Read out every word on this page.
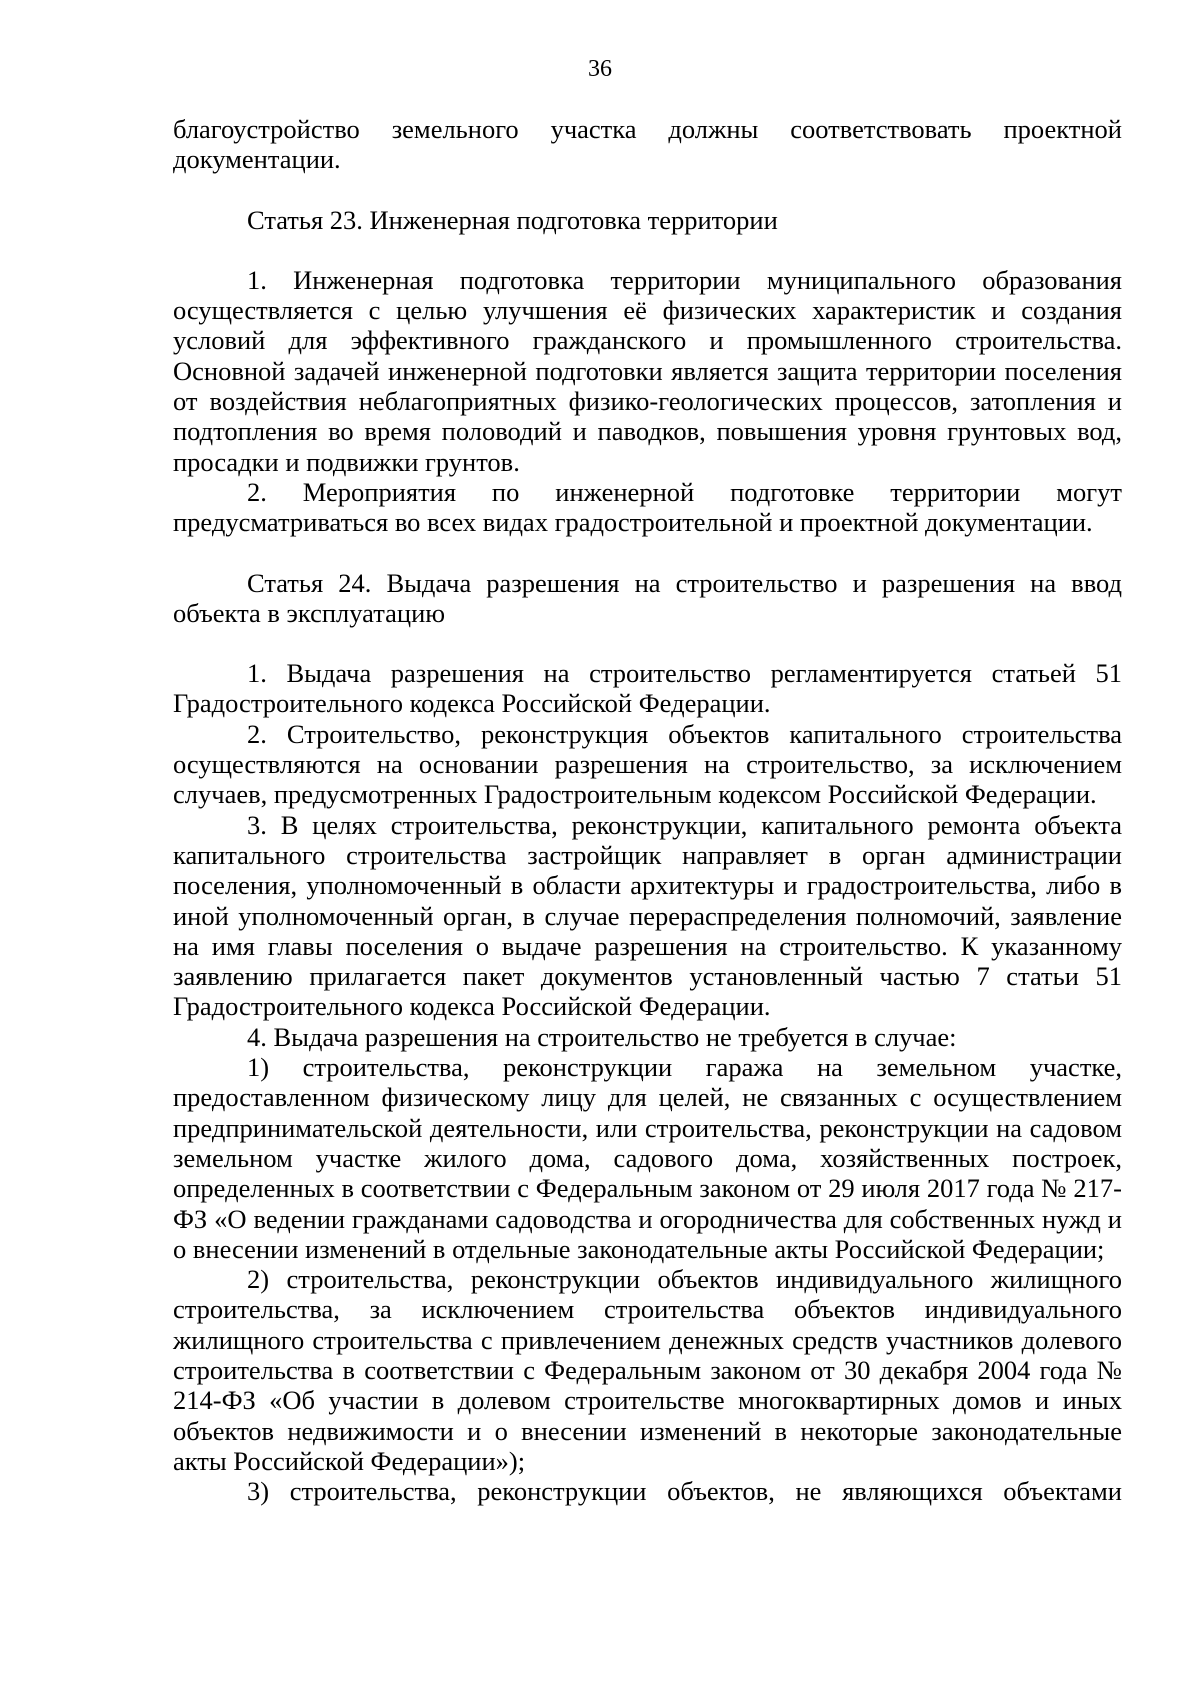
36

благоустройство земельного участка должны соответствовать проектной документации.

Статья 23. Инженерная подготовка территории

1. Инженерная подготовка территории муниципального образования осуществляется с целью улучшения её физических характеристик и создания условий для эффективного гражданского и промышленного строительства. Основной задачей инженерной подготовки является защита территории поселения от воздействия неблагоприятных физико-геологических процессов, затопления и подтопления во время половодий и паводков, повышения уровня грунтовых вод, просадки и подвижки грунтов.

2. Мероприятия по инженерной подготовке территории могут предусматриваться во всех видах градостроительной и проектной документации.

Статья 24. Выдача разрешения на строительство и разрешения на ввод объекта в эксплуатацию

1. Выдача разрешения на строительство регламентируется статьей 51 Градостроительного кодекса Российской Федерации.

2. Строительство, реконструкция объектов капитального строительства осуществляются на основании разрешения на строительство, за исключением случаев, предусмотренных Градостроительным кодексом Российской Федерации.

3. В целях строительства, реконструкции, капитального ремонта объекта капитального строительства застройщик направляет в орган администрации поселения, уполномоченный в области архитектуры и градостроительства, либо в иной уполномоченный орган, в случае перераспределения полномочий, заявление на имя главы поселения о выдаче разрешения на строительство. К указанному заявлению прилагается пакет документов установленный частью 7 статьи 51 Градостроительного кодекса Российской Федерации.

4. Выдача разрешения на строительство не требуется в случае:

1) строительства, реконструкции гаража на земельном участке, предоставленном физическому лицу для целей, не связанных с осуществлением предпринимательской деятельности, или строительства, реконструкции на садовом земельном участке жилого дома, садового дома, хозяйственных построек, определенных в соответствии с Федеральным законом от 29 июля 2017 года № 217-ФЗ «О ведении гражданами садоводства и огородничества для собственных нужд и о внесении изменений в отдельные законодательные акты Российской Федерации;

2) строительства, реконструкции объектов индивидуального жилищного строительства, за исключением строительства объектов индивидуального жилищного строительства с привлечением денежных средств участников долевого строительства в соответствии с Федеральным законом от 30 декабря 2004 года № 214-ФЗ «Об участии в долевом строительстве многоквартирных домов и иных объектов недвижимости и о внесении изменений в некоторые законодательные акты Российской Федерации»);

3) строительства, реконструкции объектов, не являющихся объектами
